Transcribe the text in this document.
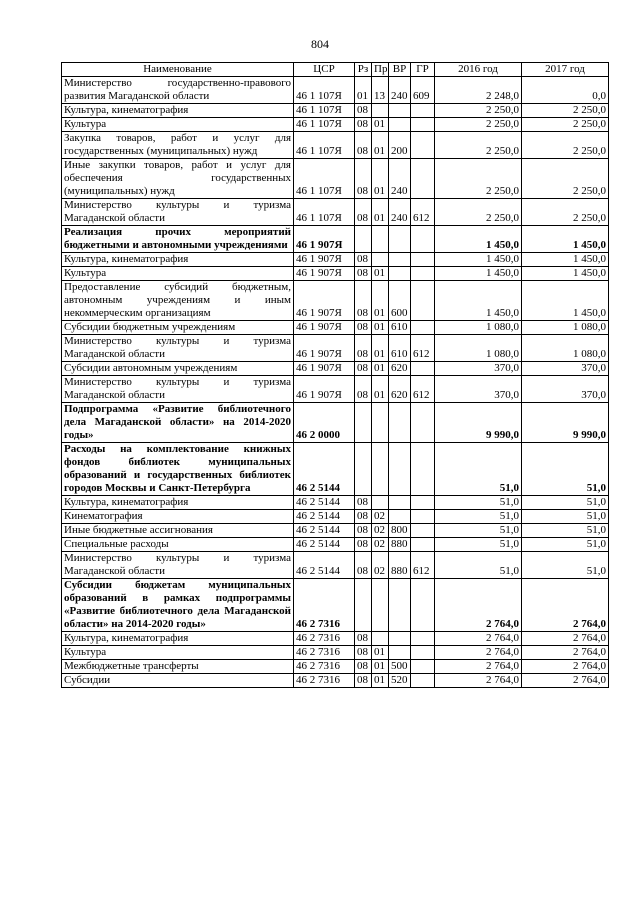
804
Наименование	ЦСР	Рз	Пр	ВР	ГР	2016 год	2017 год
Министерство государственно-правового развития Магаданской области	46 1 107Я	01	13	240	609	2 248,0	0,0
Культура, кинематография	46 1 107Я	08				2 250,0	2 250,0
Культура	46 1 107Я	08	01			2 250,0	2 250,0
Закупка товаров, работ и услуг для государственных (муниципальных) нужд	46 1 107Я	08	01	200		2 250,0	2 250,0
Иные закупки товаров, работ и услуг для обеспечения государственных (муниципальных) нужд	46 1 107Я	08	01	240		2 250,0	2 250,0
Министерство культуры и туризма Магаданской области	46 1 107Я	08	01	240	612	2 250,0	2 250,0
Реализация прочих мероприятий бюджетными и автономными учреждениями	46 1 907Я					1 450,0	1 450,0
Культура, кинематография	46 1 907Я	08				1 450,0	1 450,0
Культура	46 1 907Я	08	01			1 450,0	1 450,0
Предоставление субсидий бюджетным, автономным учреждениям и иным некоммерческим организациям	46 1 907Я	08	01	600		1 450,0	1 450,0
Субсидии бюджетным учреждениям	46 1 907Я	08	01	610		1 080,0	1 080,0
Министерство культуры и туризма Магаданской области	46 1 907Я	08	01	610	612	1 080,0	1 080,0
Субсидии автономным учреждениям	46 1 907Я	08	01	620		370,0	370,0
Министерство культуры и туризма Магаданской области	46 1 907Я	08	01	620	612	370,0	370,0
Подпрограмма «Развитие библиотечного дела Магаданской области» на 2014-2020 годы»	46 2 0000					9 990,0	9 990,0
Расходы на комплектование книжных фондов библиотек муниципальных образований и государственных библиотек городов Москвы и Санкт-Петербурга	46 2 5144					51,0	51,0
Культура, кинематография	46 2 5144	08				51,0	51,0
Кинематография	46 2 5144	08	02			51,0	51,0
Иные бюджетные ассигнования	46 2 5144	08	02	800		51,0	51,0
Специальные расходы	46 2 5144	08	02	880		51,0	51,0
Министерство культуры и туризма Магаданской области	46 2 5144	08	02	880	612	51,0	51,0
Субсидии бюджетам муниципальных образований в рамках подпрограммы «Развитие библиотечного дела Магаданской области» на 2014-2020 годы»	46 2 7316					2 764,0	2 764,0
Культура, кинематография	46 2 7316	08				2 764,0	2 764,0
Культура	46 2 7316	08	01			2 764,0	2 764,0
Межбюджетные трансферты	46 2 7316	08	01	500		2 764,0	2 764,0
Субсидии	46 2 7316	08	01	520		2 764,0	2 764,0
